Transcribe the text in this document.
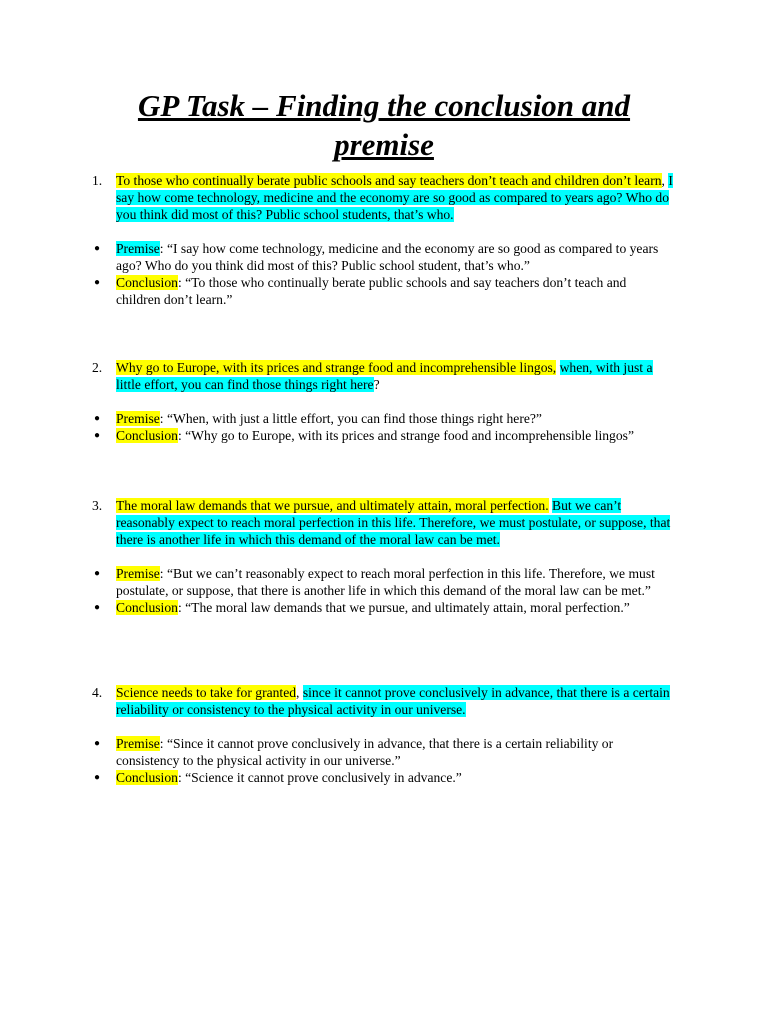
GP Task – Finding the conclusion and premise
1.	To those who continually berate public schools and say teachers don’t teach and children don’t learn, I say how come technology, medicine and the economy are so good as compared to years ago? Who do you think did most of this? Public school students, that’s who.
● Premise: “I say how come technology, medicine and the economy are so good as compared to years ago? Who do you think did most of this? Public school student, that’s who.”
● Conclusion: “To those who continually berate public schools and say teachers don’t teach and children don’t learn.”
2.	Why go to Europe, with its prices and strange food and incomprehensible lingos, when, with just a little effort, you can find those things right here?
● Premise: “When, with just a little effort, you can find those things right here?”
● Conclusion: “Why go to Europe, with its prices and strange food and incomprehensible lingos”
3.	The moral law demands that we pursue, and ultimately attain, moral perfection. But we can’t reasonably expect to reach moral perfection in this life. Therefore, we must postulate, or suppose, that there is another life in which this demand of the moral law can be met.
● Premise: “But we can’t reasonably expect to reach moral perfection in this life. Therefore, we must postulate, or suppose, that there is another life in which this demand of the moral law can be met.”
● Conclusion: “The moral law demands that we pursue, and ultimately attain, moral perfection.”
4.	Science needs to take for granted, since it cannot prove conclusively in advance, that there is a certain reliability or consistency to the physical activity in our universe.
● Premise: “Since it cannot prove conclusively in advance, that there is a certain reliability or consistency to the physical activity in our universe.”
● Conclusion: “Science it cannot prove conclusively in advance.”
